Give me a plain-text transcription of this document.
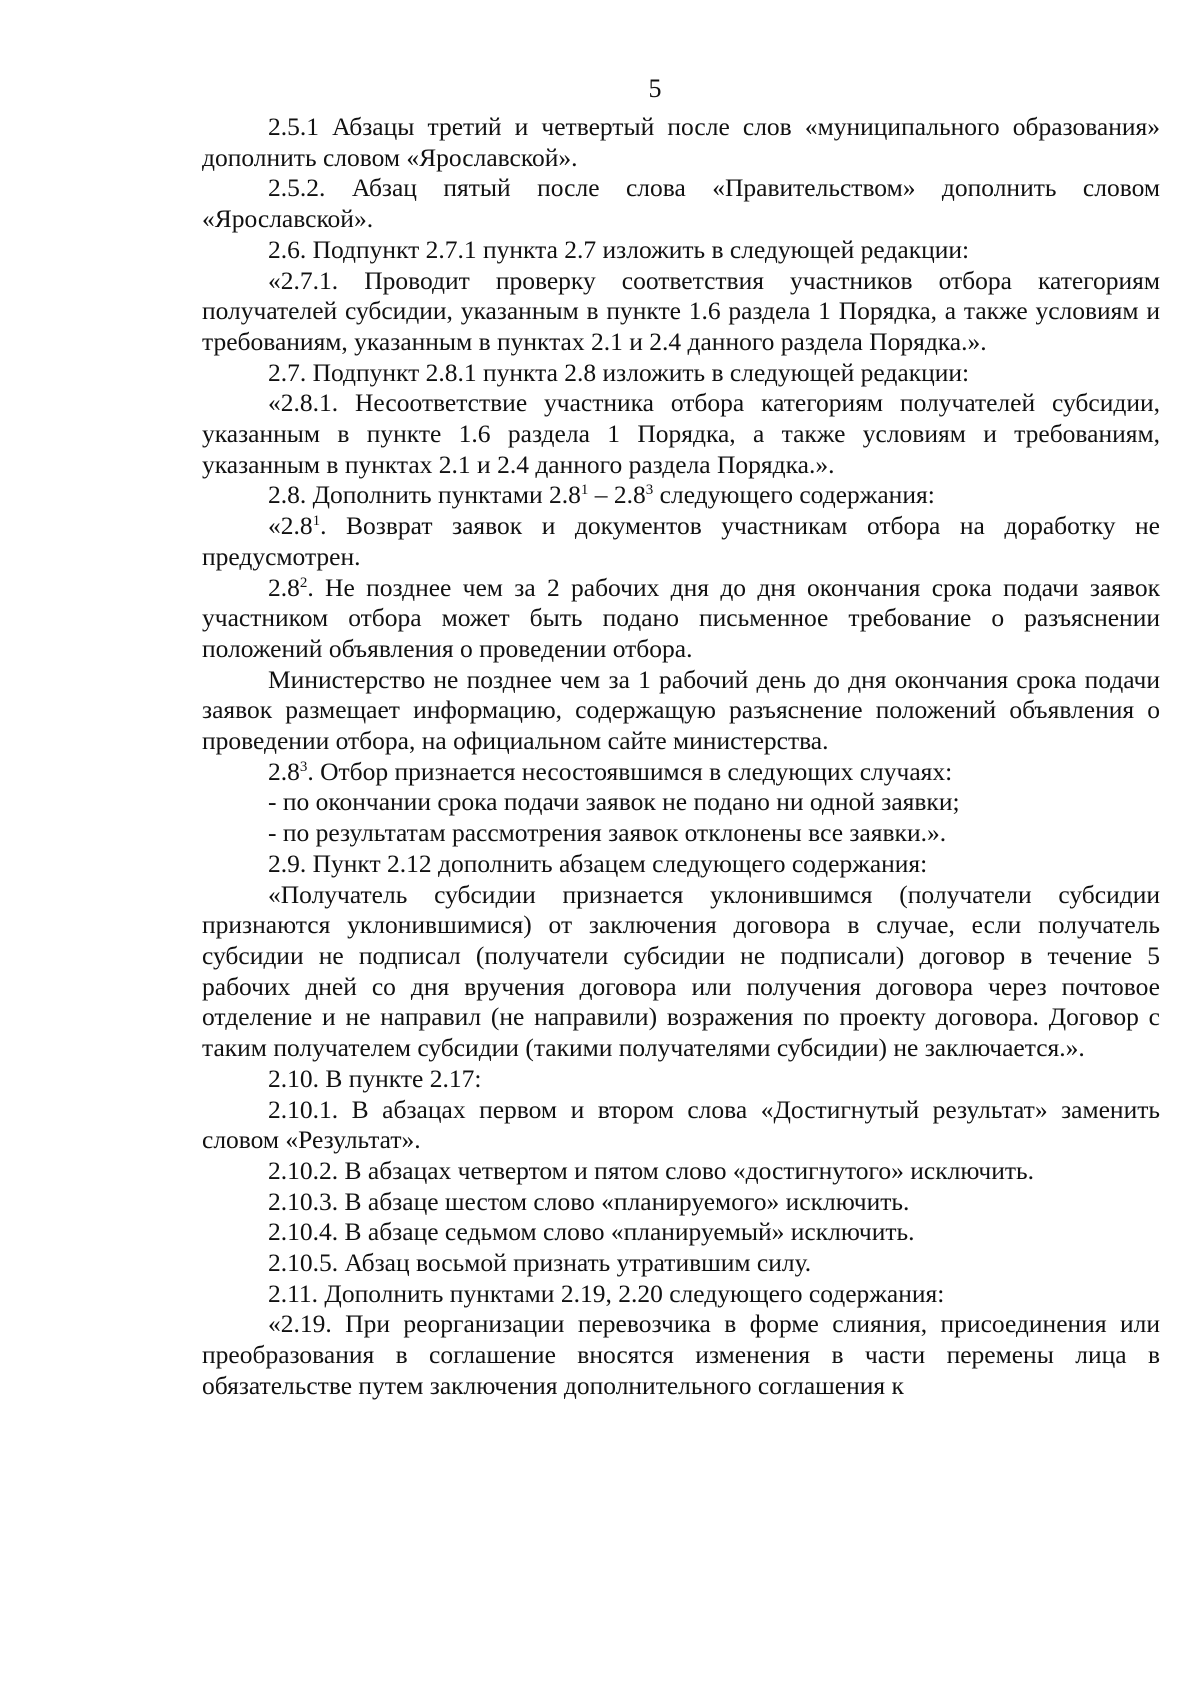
5

2.5.1 Абзацы третий и четвертый после слов «муниципального образования» дополнить словом «Ярославской».

2.5.2. Абзац пятый после слова «Правительством» дополнить словом «Ярославской».

2.6. Подпункт 2.7.1 пункта 2.7 изложить в следующей редакции:

«2.7.1. Проводит проверку соответствия участников отбора категориям получателей субсидии, указанным в пункте 1.6 раздела 1 Порядка, а также условиям и требованиям, указанным в пунктах 2.1 и 2.4 данного раздела Порядка.».

2.7. Подпункт 2.8.1 пункта 2.8 изложить в следующей редакции:

«2.8.1. Несоответствие участника отбора категориям получателей субсидии, указанным в пункте 1.6 раздела 1 Порядка, а также условиям и требованиям, указанным в пунктах 2.1 и 2.4 данного раздела Порядка.».

2.8. Дополнить пунктами $2.8^1 - 2.8^3$ следующего содержания:

«$2.8^1$. Возврат заявок и документов участникам отбора на доработку не предусмотрен.

$2.8^2$. Не позднее чем за 2 рабочих дня до дня окончания срока подачи заявок участником отбора может быть подано письменное требование о разъяснении положений объявления о проведении отбора.

Министерство не позднее чем за 1 рабочий день до дня окончания срока подачи заявок размещает информацию, содержащую разъяснение положений объявления о проведении отбора, на официальном сайте министерства.

$2.8^3$. Отбор признается несостоявшимся в следующих случаях:

- по окончании срока подачи заявок не подано ни одной заявки;

- по результатам рассмотрения заявок отклонены все заявки.».

2.9. Пункт 2.12 дополнить абзацем следующего содержания:

«Получатель субсидии признается уклонившимся (получатели субсидии признаются уклонившимися) от заключения договора в случае, если получатель субсидии не подписал (получатели субсидии не подписали) договор в течение 5 рабочих дней со дня вручения договора или получения договора через почтовое отделение и не направил (не направили) возражения по проекту договора. Договор с таким получателем субсидии (такими получателями субсидии) не заключается.».

2.10. В пункте 2.17:

2.10.1. В абзацах первом и втором слова «Достигнутый результат» заменить словом «Результат».

2.10.2. В абзацах четвертом и пятом слово «достигнутого» исключить.

2.10.3. В абзаце шестом слово «планируемого» исключить.

2.10.4. В абзаце седьмом слово «планируемый» исключить.

2.10.5. Абзац восьмой признать утратившим силу.

2.11. Дополнить пунктами 2.19, 2.20 следующего содержания:

«2.19. При реорганизации перевозчика в форме слияния, присоединения или преобразования в соглашение вносятся изменения в части перемены лица в обязательстве путем заключения дополнительного соглашения к
